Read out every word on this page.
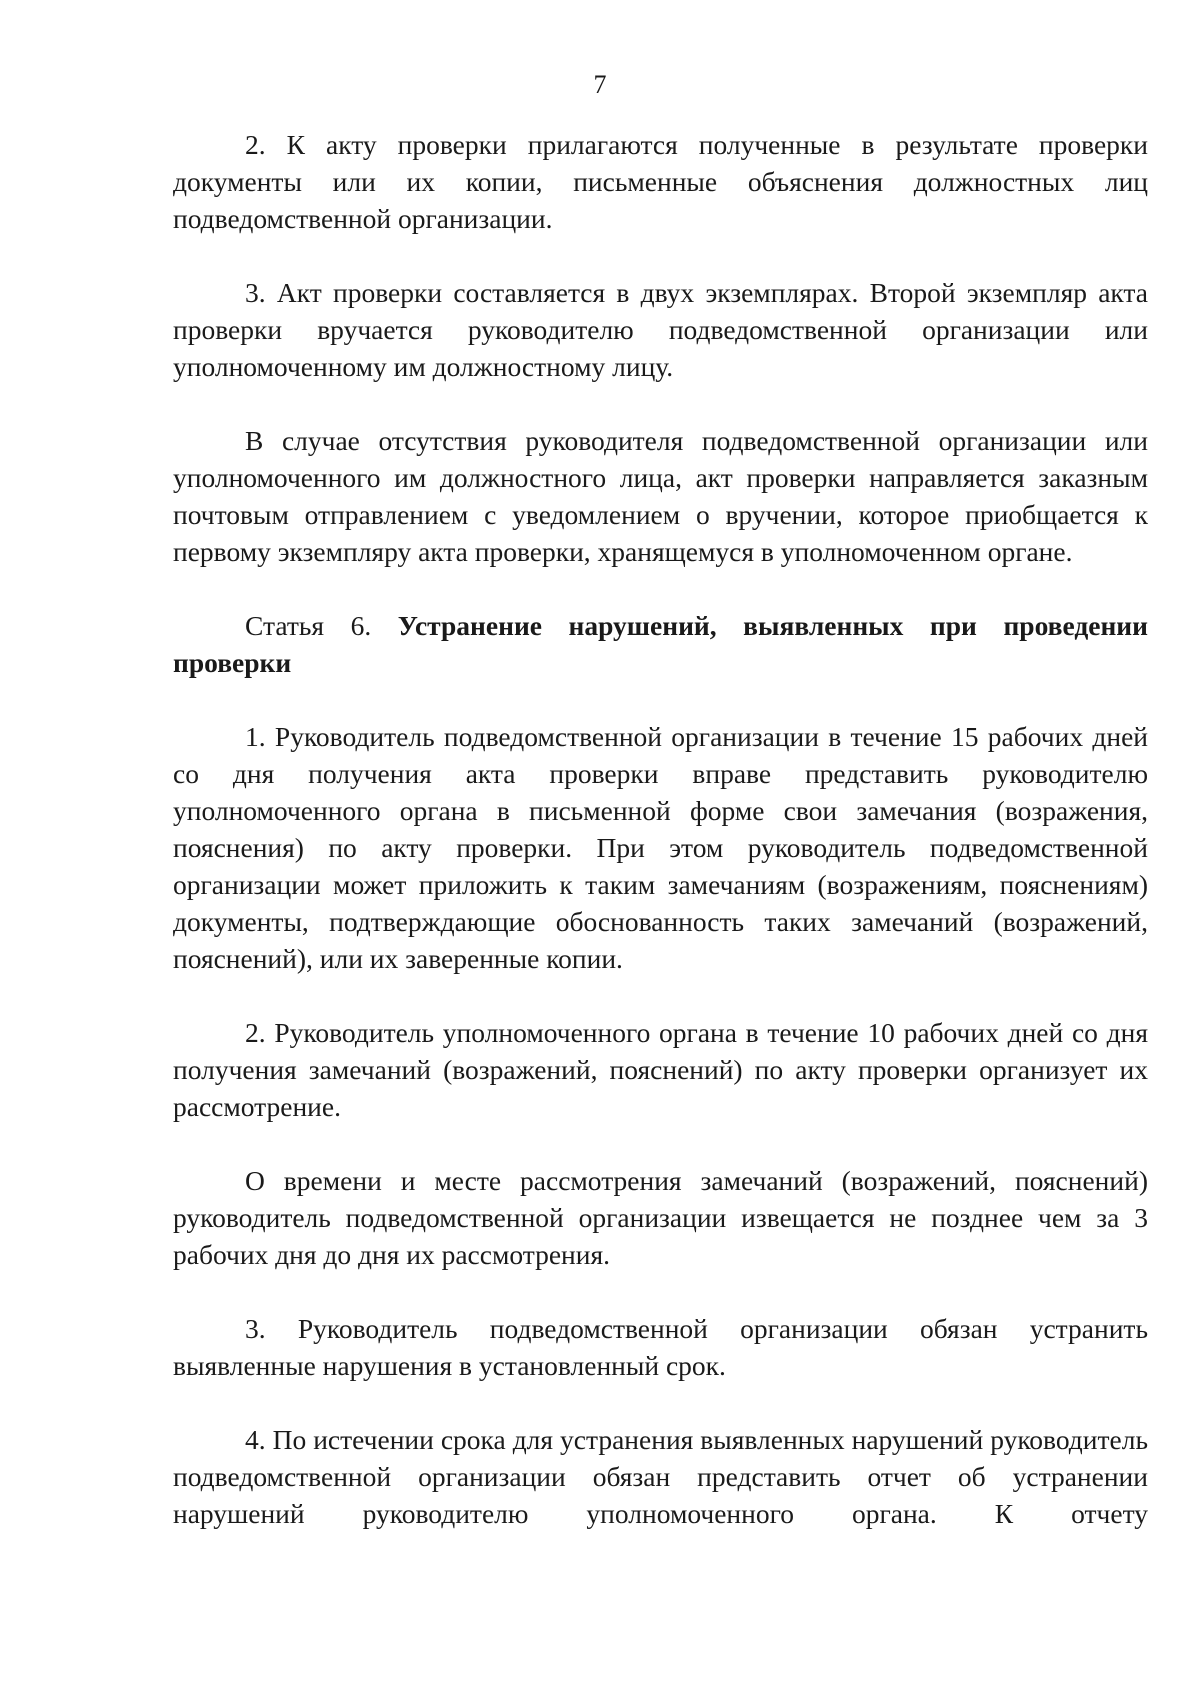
7

2. К акту проверки прилагаются полученные в результате проверки документы или их копии, письменные объяснения должностных лиц подведомственной организации.

3. Акт проверки составляется в двух экземплярах. Второй экземпляр акта проверки вручается руководителю подведомственной организации или уполномоченному им должностному лицу.

В случае отсутствия руководителя подведомственной организации или уполномоченного им должностного лица, акт проверки направляется заказным почтовым отправлением с уведомлением о вручении, которое приобщается к первому экземпляру акта проверки, хранящемуся в уполномоченном органе.

Статья 6. Устранение нарушений, выявленных при проведении проверки

1. Руководитель подведомственной организации в течение 15 рабочих дней со дня получения акта проверки вправе представить руководителю уполномоченного органа в письменной форме свои замечания (возражения, пояснения) по акту проверки. При этом руководитель подведомственной организации может приложить к таким замечаниям (возражениям, пояснениям) документы, подтверждающие обоснованность таких замечаний (возражений, пояснений), или их заверенные копии.

2. Руководитель уполномоченного органа в течение 10 рабочих дней со дня получения замечаний (возражений, пояснений) по акту проверки организует их рассмотрение.

О времени и месте рассмотрения замечаний (возражений, пояснений) руководитель подведомственной организации извещается не позднее чем за 3 рабочих дня до дня их рассмотрения.

3. Руководитель подведомственной организации обязан устранить выявленные нарушения в установленный срок.

4. По истечении срока для устранения выявленных нарушений руководитель подведомственной организации обязан представить отчет об устранении нарушений руководителю уполномоченного органа. К отчету
